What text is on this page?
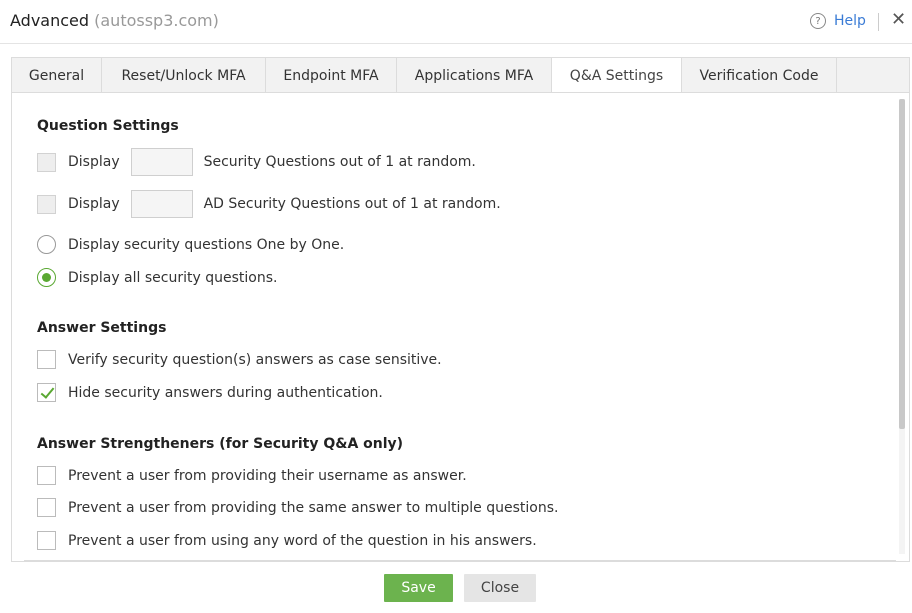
Advanced (autossp3.com)	? Help ✕
General	Reset/Unlock MFA	Endpoint MFA	Applications MFA	Q&A Settings	Verification Code
Question Settings
Display	Security Questions out of 1 at random.
Display	AD Security Questions out of 1 at random.
Display security questions One by One.
Display all security questions.
Answer Settings
Verify security question(s) answers as case sensitive.
Hide security answers during authentication.
Answer Strengtheners (for Security Q&A only)
Prevent a user from providing their username as answer.
Prevent a user from providing the same answer to multiple questions.
Prevent a user from using any word of the question in his answers.
Save	Close
